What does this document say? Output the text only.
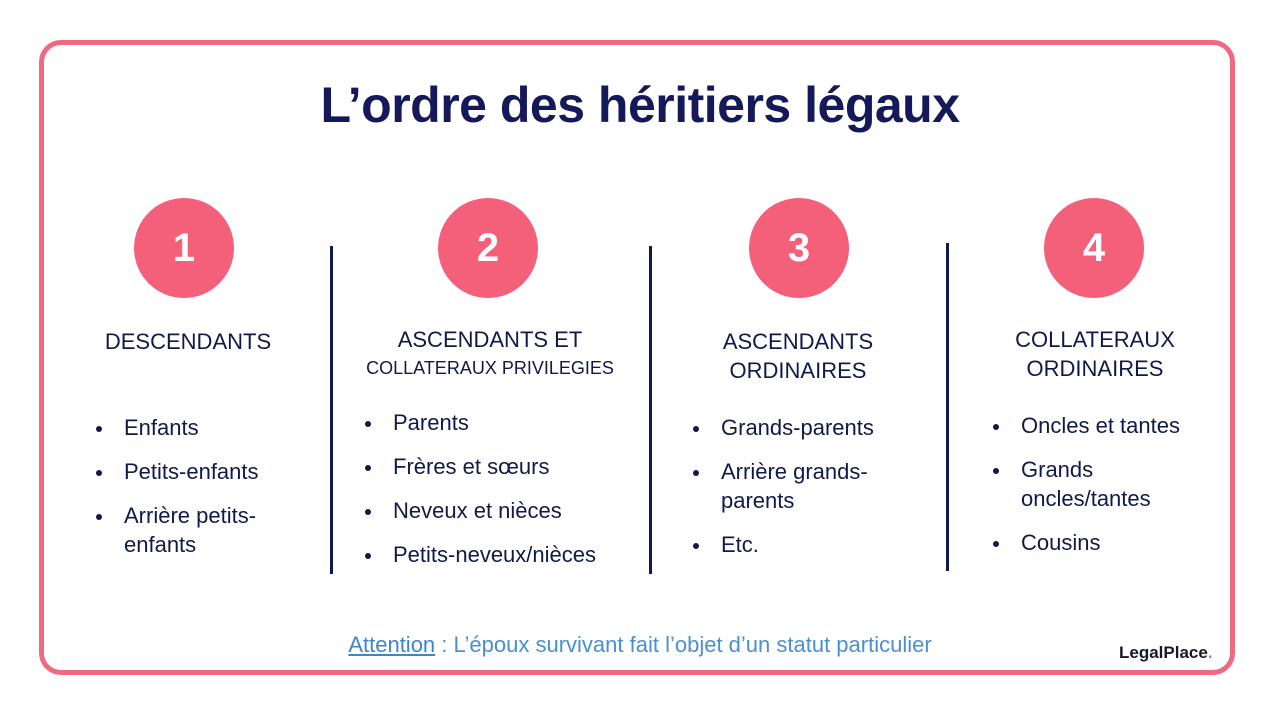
L’ordre des héritiers légaux
1
DESCENDANTS
Enfants
Petits-enfants
Arrière petits-enfants
2
ASCENDANTS ET
COLLATERAUX PRIVILEGIES
Parents
Frères et sœurs
Neveux et nièces
Petits-neveux/nièces
3
ASCENDANTS
ORDINAIRES
Grands-parents
Arrière grands-parents
Etc.
4
COLLATERAUX
ORDINAIRES
Oncles et tantes
Grands oncles/tantes
Cousins
Attention : L’époux survivant fait l’objet d’un statut particulier	LegalPlace.
